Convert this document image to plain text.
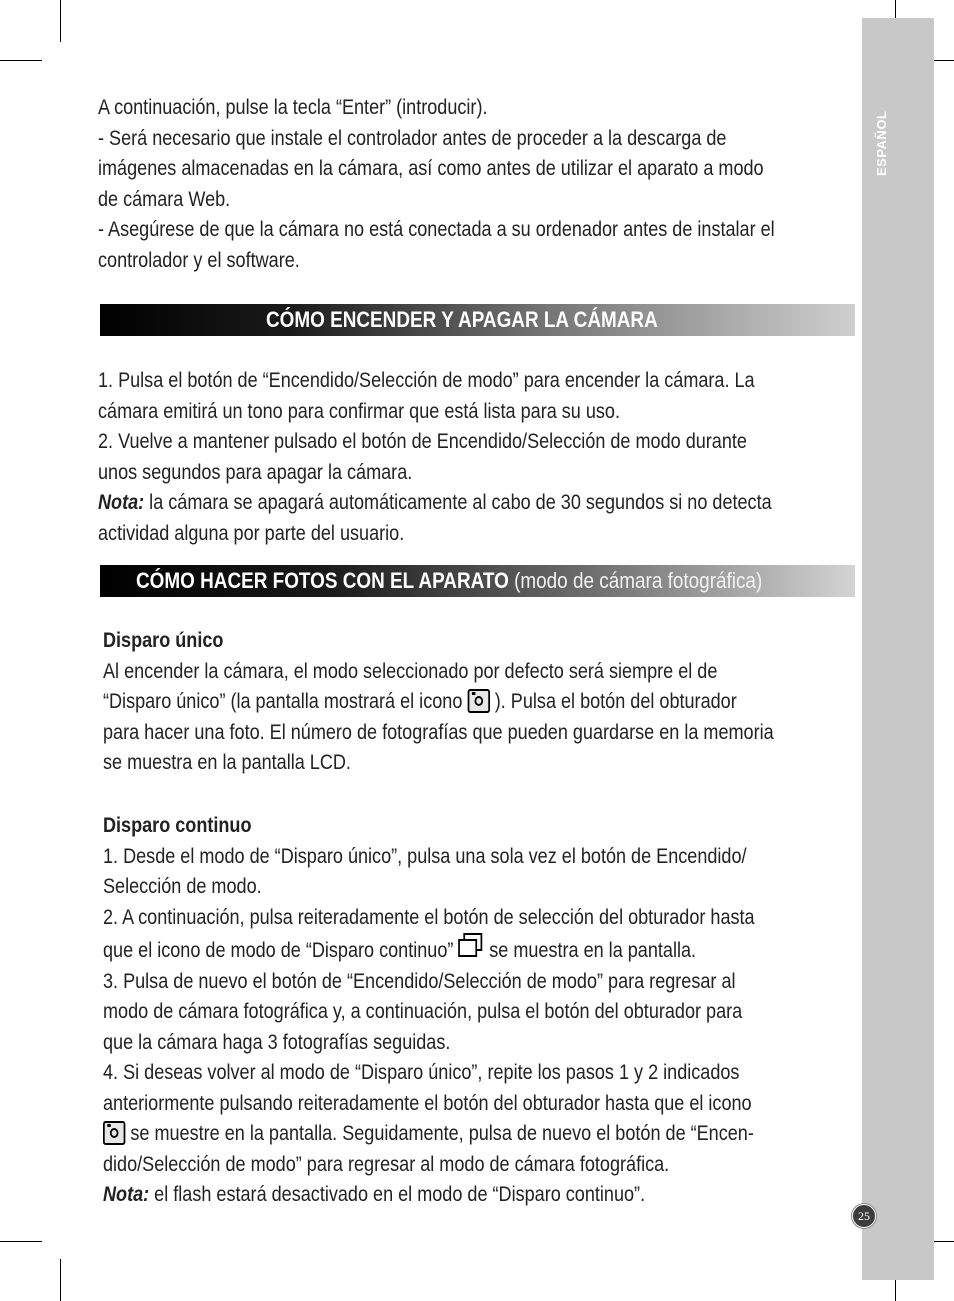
ESPAÑOL

A continuación, pulse la tecla “Enter” (introducir).

- Será necesario que instale el controlador antes de proceder a la descarga de

imágenes almacenadas en la cámara, así como antes de utilizar el aparato a modo

de cámara Web.

- Asegúrese de que la cámara no está conectada a su ordenador antes de instalar el

controlador y el software.

CÓMO ENCENDER Y APAGAR LA CÁMARA

1. Pulsa el botón de “Encendido/Selección de modo” para encender la cámara. La

cámara emitirá un tono para confirmar que está lista para su uso.

2. Vuelve a mantener pulsado el botón de Encendido/Selección de modo durante

unos segundos para apagar la cámara.

Nota: la cámara se apagará automáticamente al cabo de 30 segundos si no detecta

actividad alguna por parte del usuario.

CÓMO HACER FOTOS CON EL APARATO (modo de cámara fotográfica)

Disparo único

Al encender la cámara, el modo seleccionado por defecto será siempre el de

“Disparo único” (la pantalla mostrará el icono
). Pulsa el botón del obturador

para hacer una foto. El número de fotografías que pueden guardarse en la memoria

se muestra en la pantalla LCD.

Disparo continuo

1. Desde el modo de “Disparo único”, pulsa una sola vez el botón de Encendido/

Selección de modo.

2. A continuación, pulsa reiteradamente el botón de selección del obturador hasta

que el icono de modo de “Disparo continuo”
se muestra en la pantalla.

3. Pulsa de nuevo el botón de “Encendido/Selección de modo” para regresar al

modo de cámara fotográfica y, a continuación, pulsa el botón del obturador para

que la cámara haga 3 fotografías seguidas.

4. Si deseas volver al modo de “Disparo único”, repite los pasos 1 y 2 indicados

anteriormente pulsando reiteradamente el botón del obturador hasta que el icono

se muestre en la pantalla. Seguidamente, pulsa de nuevo el botón de “Encen-

dido/Selección de modo” para regresar al modo de cámara fotográfica.

Nota: el flash estará desactivado en el modo de “Disparo continuo”.

25
